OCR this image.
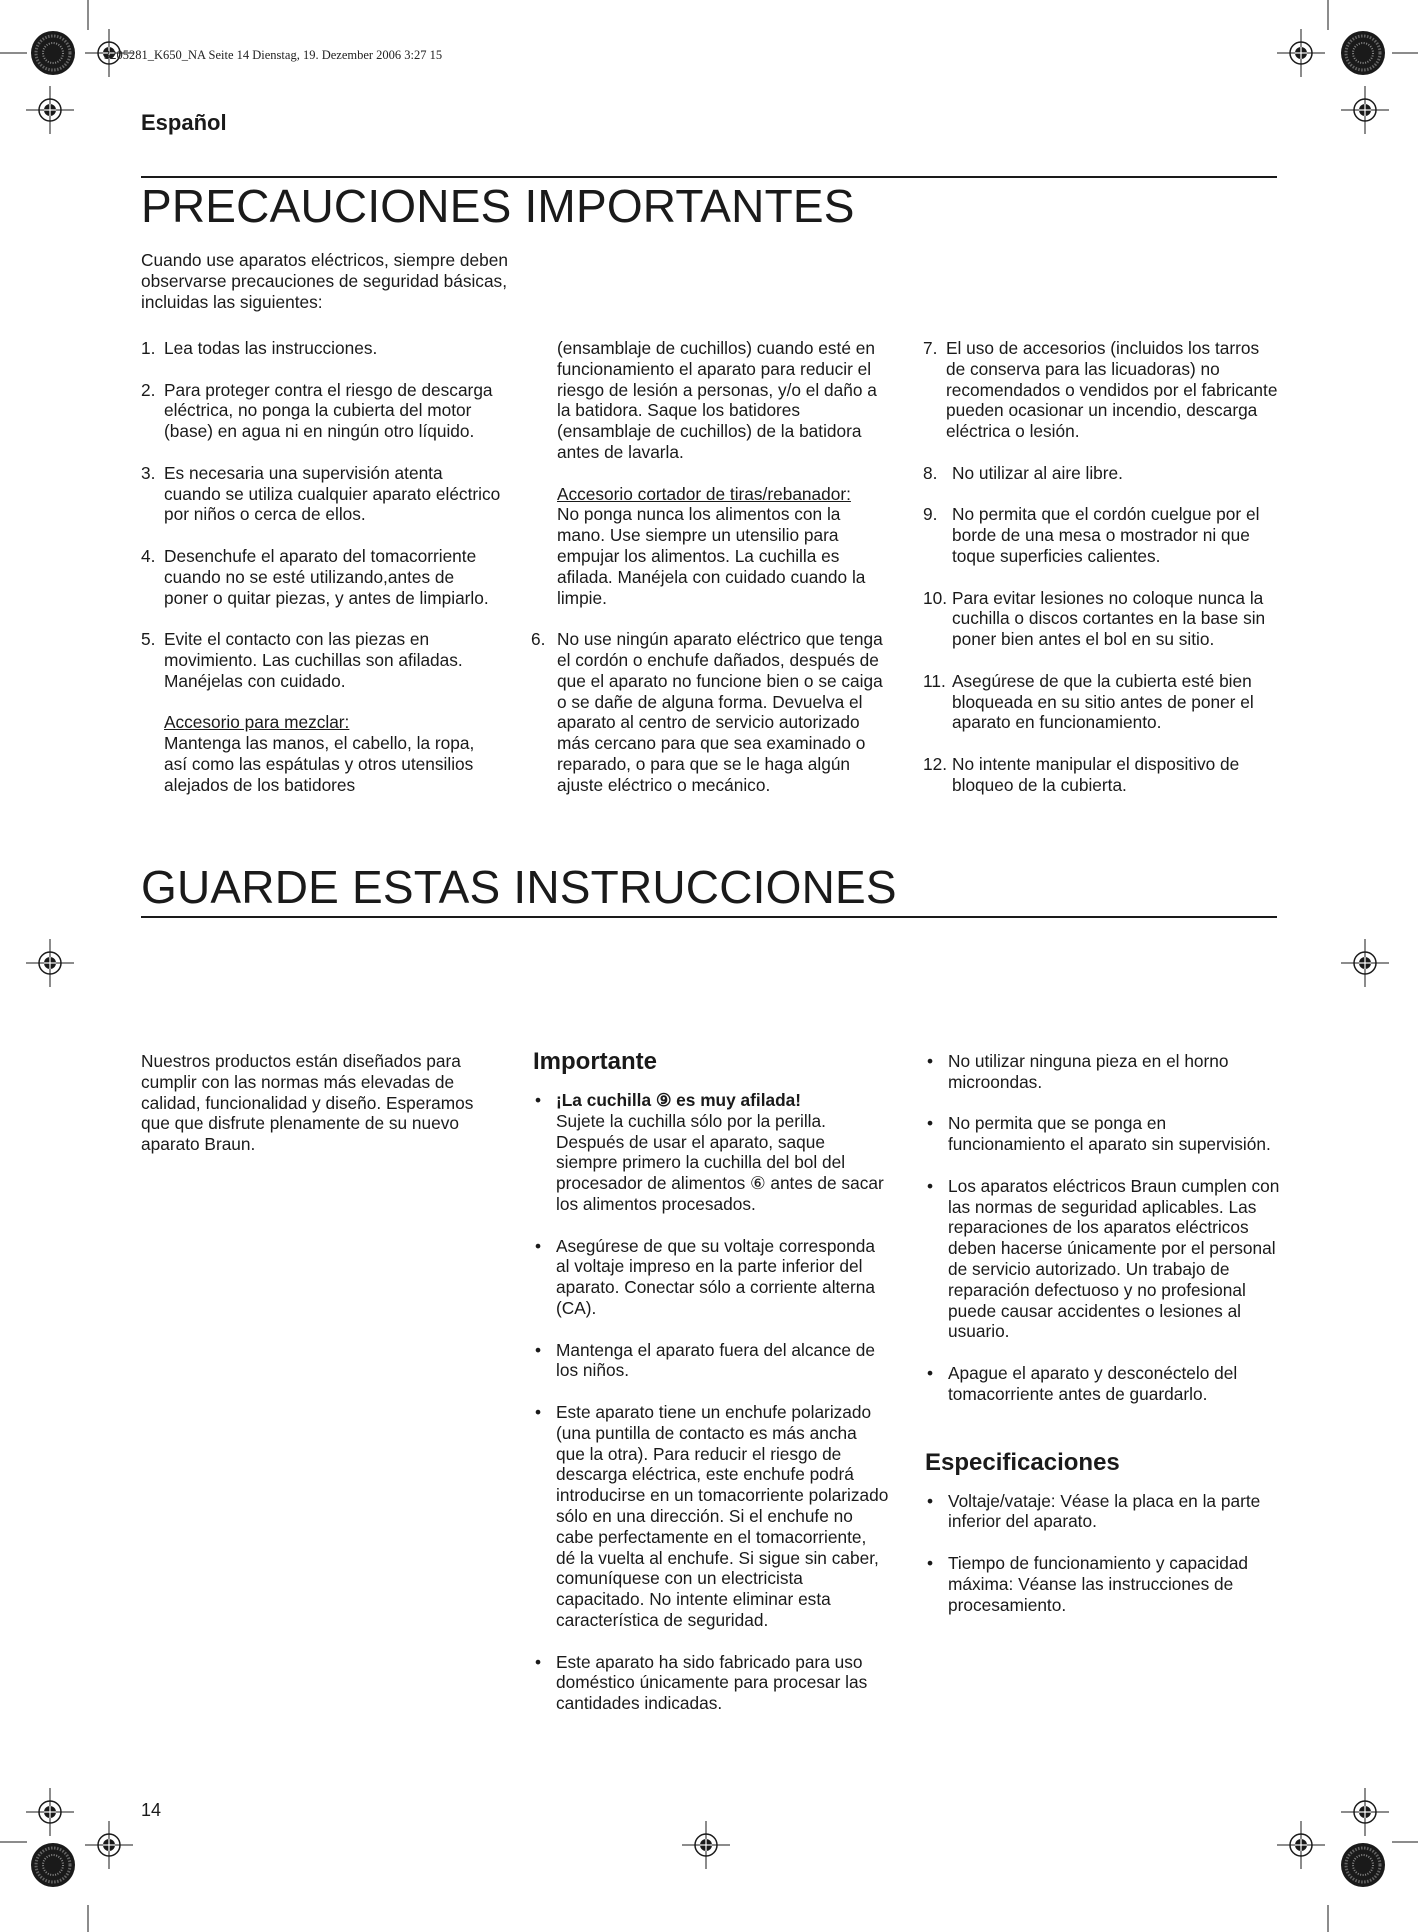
3205281_K650_NA Seite 14 Dienstag, 19. Dezember 2006 3:27 15
Español
PRECAUCIONES IMPORTANTES
Cuando use aparatos eléctricos, siempre deben observarse precauciones de seguridad básicas, incluidas las siguientes:
1. Lea todas las instrucciones.
2. Para proteger contra el riesgo de descarga eléctrica, no ponga la cubierta del motor (base) en agua ni en ningún otro líquido.
3. Es necesaria una supervisión atenta cuando se utiliza cualquier aparato eléctrico por niños o cerca de ellos.
4. Desenchufe el aparato del tomacorriente cuando no se esté utilizando,antes de poner o quitar piezas, y antes de limpiarlo.
5. Evite el contacto con las piezas en movimiento. Las cuchillas son afiladas. Manéjelas con cuidado.
Accesorio para mezclar:
Mantenga las manos, el cabello, la ropa, así como las espátulas y otros utensilios alejados de los batidores
(ensamblaje de cuchillos) cuando esté en funcionamiento el aparato para reducir el riesgo de lesión a personas, y/o el daño a la batidora. Saque los batidores (ensamblaje de cuchillos) de la batidora antes de lavarla.
Accesorio cortador de tiras/rebanador:
No ponga nunca los alimentos con la mano. Use siempre un utensilio para empujar los alimentos. La cuchilla es afilada. Manéjela con cuidado cuando la limpie.
6. No use ningún aparato eléctrico que tenga el cordón o enchufe dañados, después de que el aparato no funcione bien o se caiga o se dañe de alguna forma. Devuelva el aparato al centro de servicio autorizado más cercano para que sea examinado o reparado, o para que se le haga algún ajuste eléctrico o mecánico.
7. El uso de accesorios (incluidos los tarros de conserva para las licuadoras) no recomendados o vendidos por el fabricante pueden ocasionar un incendio, descarga eléctrica o lesión.
8. No utilizar al aire libre.
9. No permita que el cordón cuelgue por el borde de una mesa o mostrador ni que toque superficies calientes.
10. Para evitar lesiones no coloque nunca la cuchilla o discos cortantes en la base sin poner bien antes el bol en su sitio.
11. Asegúrese de que la cubierta esté bien bloqueada en su sitio antes de poner el aparato en funcionamiento.
12. No intente manipular el dispositivo de bloqueo de la cubierta.
GUARDE ESTAS INSTRUCCIONES
Nuestros productos están diseñados para cumplir con las normas más elevadas de calidad, funcionalidad y diseño. Esperamos que que disfrute plenamente de su nuevo aparato Braun.
Importante
• ¡La cuchilla ⑨ es muy afilada!
Sujete la cuchilla sólo por la perilla. Después de usar el aparato, saque siempre primero la cuchilla del bol del procesador de alimentos ⑥ antes de sacar los alimentos procesados.
• Asegúrese de que su voltaje corresponda al voltaje impreso en la parte inferior del aparato. Conectar sólo a corriente alterna (CA).
• Mantenga el aparato fuera del alcance de los niños.
• Este aparato tiene un enchufe polarizado (una puntilla de contacto es más ancha que la otra). Para reducir el riesgo de descarga eléctrica, este enchufe podrá introducirse en un tomacorriente polarizado sólo en una dirección. Si el enchufe no cabe perfectamente en el tomacorriente, dé la vuelta al enchufe. Si sigue sin caber, comuníquese con un electricista capacitado. No intente eliminar esta característica de seguridad.
• Este aparato ha sido fabricado para uso doméstico únicamente para procesar las cantidades indicadas.
• No utilizar ninguna pieza en el horno microondas.
• No permita que se ponga en funcionamiento el aparato sin supervisión.
• Los aparatos eléctricos Braun cumplen con las normas de seguridad aplicables. Las reparaciones de los aparatos eléctricos deben hacerse únicamente por el personal de servicio autorizado. Un trabajo de reparación defectuoso y no profesional puede causar accidentes o lesiones al usuario.
• Apague el aparato y desconéctelo del tomacorriente antes de guardarlo.
Especificaciones
• Voltaje/vataje: Véase la placa en la parte inferior del aparato.
• Tiempo de funcionamiento y capacidad máxima: Véanse las instrucciones de procesamiento.
14
